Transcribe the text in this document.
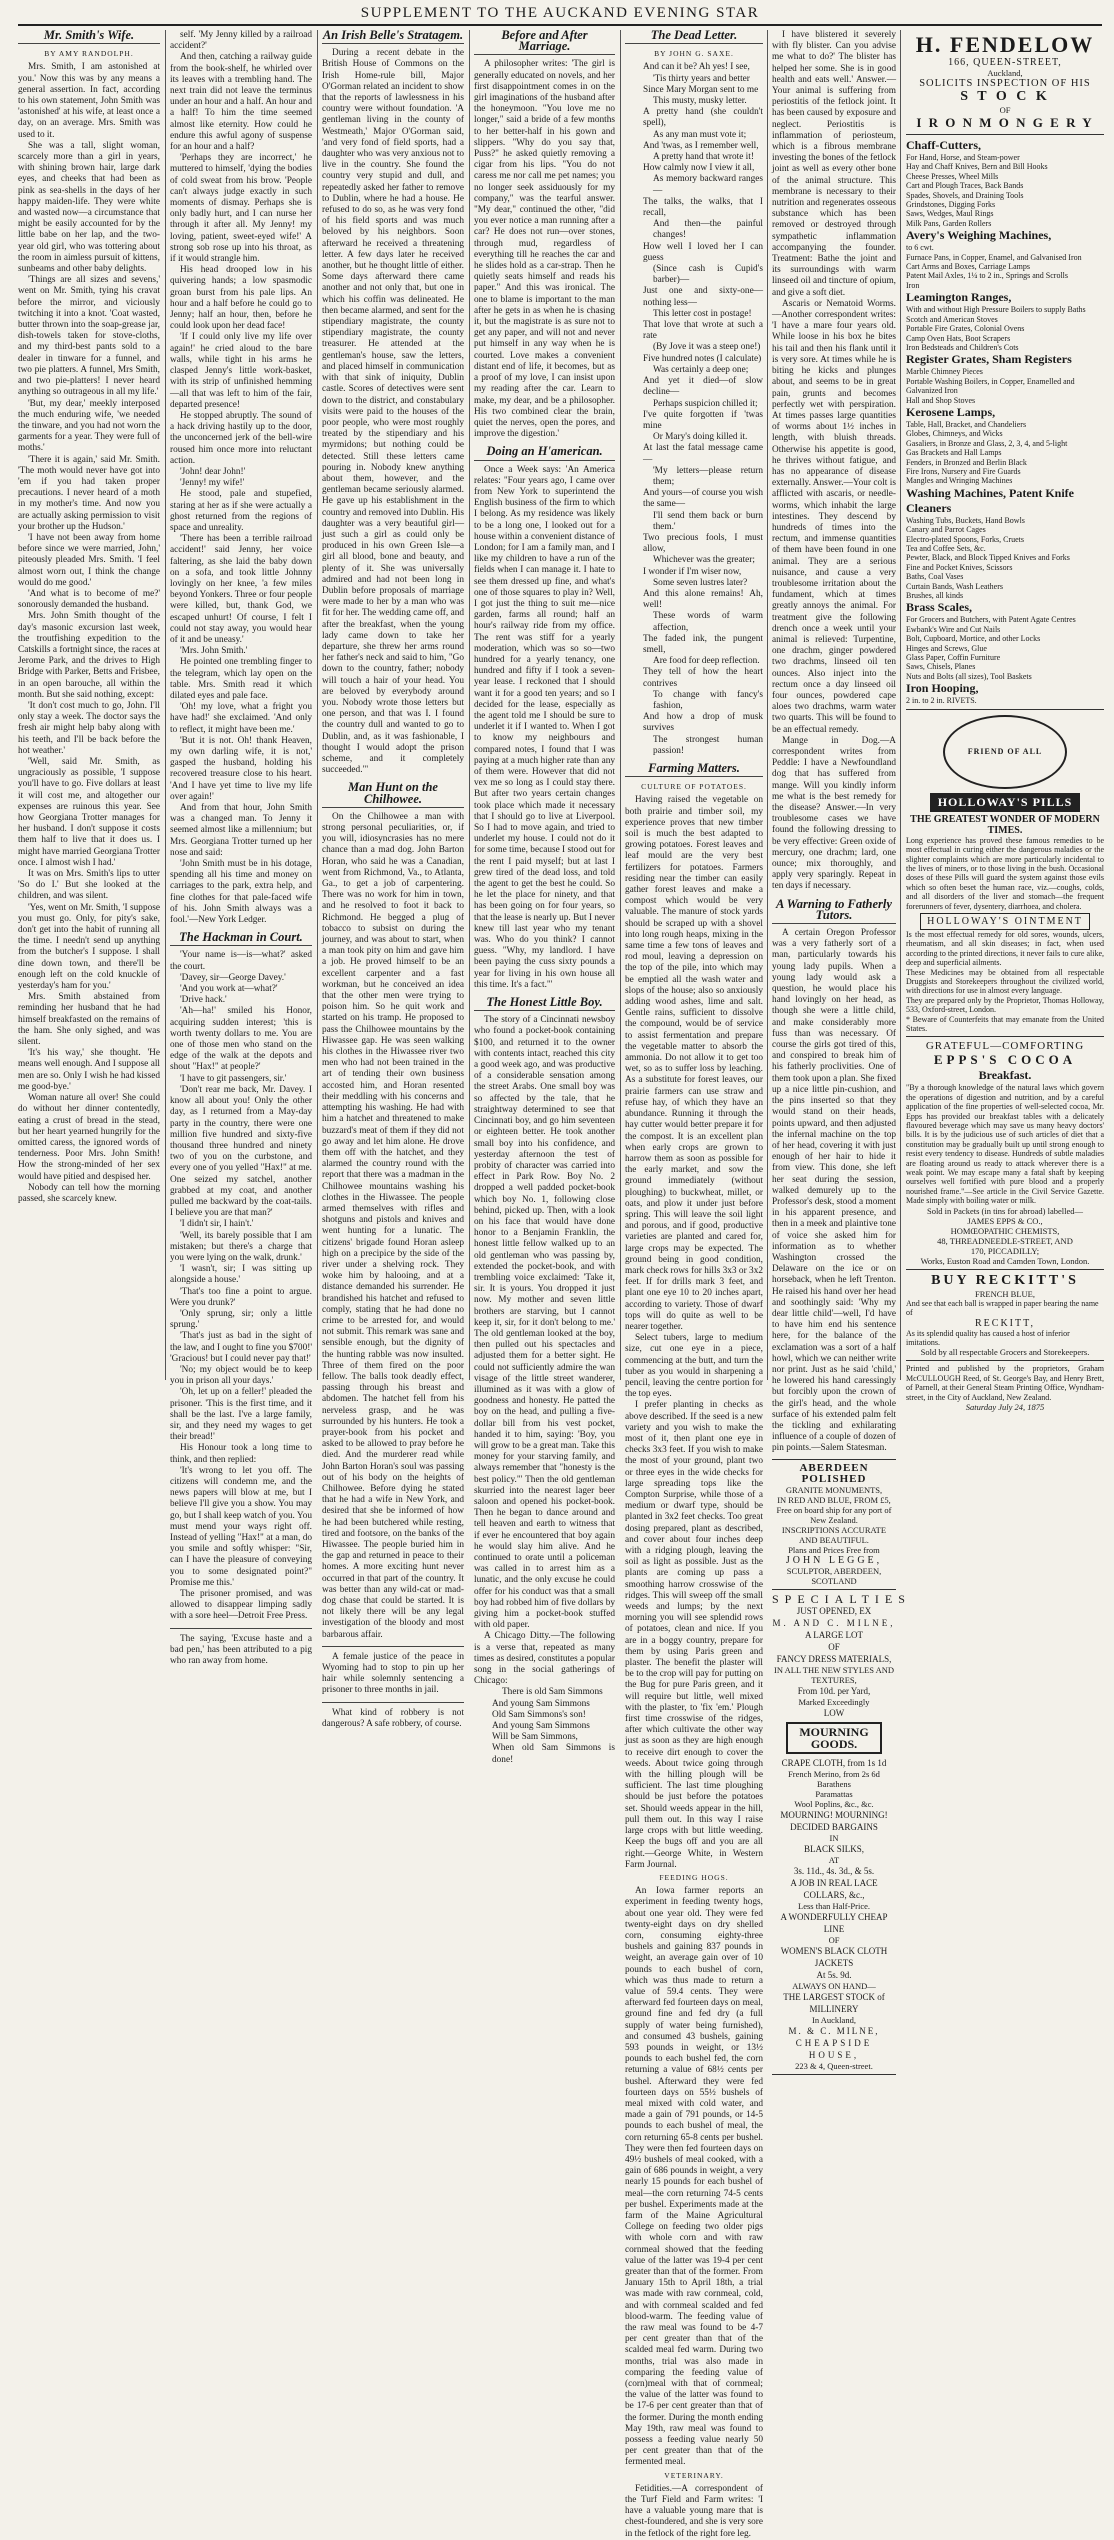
SUPPLEMENT TO THE AUCKAND EVENING STAR
Mr. Smith's Wife.
BY AMY RANDOLPH.

Mrs. Smith, I am astonished at you.' Now this was by any means a general assertion. In fact, according to his own statement, John Smith was 'astonished' at his wife, at least once a day, on an average. Mrs. Smith was used to it.

She was a tall, slight woman, scarcely more than a girl in years, with shining brown hair, large dark eyes, and cheeks that had been as pink as sea-shells in the days of her happy maiden-life. They were white and wasted now—a circumstance that might be easily accounted for by the little babe on her lap, and the two-year old girl, who was tottering about the room in aimless pursuit of kittens, sunbeams and other baby delights.

'Things are all sizes and sevens,' went on Mr. Smith, tying his cravat before the mirror, and viciously twitching it into a knot. 'Coat wasted, butter thrown into the soap-grease jar, dish-towels taken for stove-cloths, and my third-best pants sold to a dealer in tinware for a funnel, and two pie platters. A funnel, Mrs Smith, and two pie-platters! I never heard anything so outrageous in all my life.'

'But, my dear,' meekly interposed the much enduring wife, 'we needed the tinware, and you had not worn the garments for a year. They were full of moths.'

'There it is again,' said Mr. Smith. 'The moth would never have got into 'em if you had taken proper precautions. I never heard of a moth in my mother's time. And now you are actually asking permission to visit your brother up the Hudson.'

'I have not been away from home before since we were married, John,' piteously pleaded Mrs. Smith. 'I feel almost worn out, I think the change would do me good.'

'And what is to become of me?' sonorously demanded the husband.

Mrs. John Smith thought of the day's masonic excursion last week, the troutfishing expedition to the Catskills a fortnight since, the races at Jerome Park, and the drives to High Bridge with Parker, Betts and Frisbee, in an open barouche, all within the month. But she said nothing, except:

'It don't cost much to go, John. I'll only stay a week. The doctor says the fresh air might help baby along with his teeth, and I'll be back before the hot weather.'

'Well, said Mr. Smith, as ungraciously as possible, 'I suppose you'll have to go. Five dollars at least it will cost me, and altogether our expenses are ruinous this year. See how Georgiana Trotter manages for her husband. I don't suppose it costs them half to live that it does us. I might have married Georgiana Trotter once. I almost wish I had.'

It was on Mrs. Smith's lips to utter 'So do I.' But she looked at the children, and was silent.

'Yes, went on Mr. Smith, 'I suppose you must go. Only, for pity's sake, don't get into the habit of running all the time. I needn't send up anything from the butcher's I suppose. I shall dine down town, and there'll be enough left on the cold knuckle of yesterday's ham for you.'

Mrs. Smith abstained from reminding her husband that he had himself breakfasted on the remains of the ham. She only sighed, and was silent.

'It's his way,' she thought. 'He means well enough. And I suppose all men are so. Only I wish he had kissed me good-bye.'

Woman nature all over! She could do without her dinner contentedly, eating a crust of bread in the stead, but her heart yearned hungrily for the omitted caress, the ignored words of tenderness. Poor Mrs. John Smith! How the strong-minded of her sex would have pitied and despised her.

Nobody can tell how the morning passed, she scarcely knew.

self. 'My Jenny killed by a railroad accident?'

And then, catching a railway guide from the book-shelf, he whirled over its leaves with a trembling hand. The next train did not leave the terminus under an hour and a half. An hour and a half! To him the time seemed almost like eternity. How could he endure this awful agony of suspense for an hour and a half?

'Perhaps they are incorrect,' he muttered to himself, 'dying the bodies of cold sweat from his brow. 'People can't always judge exactly in such moments of dismay. Perhaps she is only badly hurt, and I can nurse her through it after all. My Jenny! my loving, patient, sweet-eyed wife!' A strong sob rose up into his throat, as if it would strangle him.

His head drooped low in his quivering hands; a low spasmodic groan burst from his pale lips. An hour and a half before he could go to Jenny; half an hour, then, before he could look upon her dead face!

'If I could only live my life over again!' he cried aloud to the bare walls, while tight in his arms he clasped Jenny's little work-basket, with its strip of unfinished hemming—all that was left to him of the fair, departed presence!

He stopped abruptly. The sound of a hack driving hastily up to the door, the unconcerned jerk of the bell-wire roused him once more into reluctant action.

'John! dear John!'

'Jenny! my wife!'

He stood, pale and stupefied, staring at her as if she were actually a ghost returned from the regions of space and unreality.

'There has been a terrible railroad accident!' said Jenny, her voice faltering, as she laid the baby down on a sofa, and took little Johnny lovingly on her knee, 'a few miles beyond Yonkers. Three or four people were killed, but, thank God, we escaped unhurt! Of course, I felt I could not stay away, you would hear of it and be uneasy.'

'Mrs. John Smith.'

He pointed one trembling finger to the telegram, which lay open on the table. Mrs. Smith read it which dilated eyes and pale face.

'Oh! my love, what a fright you have had!' she exclaimed. 'And only to reflect, it might have been me.'

'But it is not. Oh! thank Heaven, my own darling wife, it is not,' gasped the husband, holding his recovered treasure close to his heart. 'And I have yet time to live my life over again!'

And from that hour, John Smith was a changed man. To Jenny it seemed almost like a millennium; but Mrs. Georgiana Trotter turned up her nose and said:

'John Smith must be in his dotage, spending all his time and money on carriages to the park, extra help, and fine clothes for that pale-faced wife of his. John Smith always was a fool.'—New York Ledger.

The Hackman in Court.

'Your name is—is—what?' asked the court.

'Davey, sir—George Davey.'

'And you work at—what?'

'Drive hack.'

'Ah—ha!' smiled his Honor, acquiring sudden interest; 'this is worth twenty dollars to me. You are one of those men who stand on the edge of the walk at the depots and shout "Hax!" at people?'

'I have to git passengers, sir.'

'Don't rear me back, Mr. Davey. I know all about you! Only the other day, as I returned from a May-day party in the country, there were one million five hundred and sixty-five thousand three hundred and ninety two of you on the curbstone, and every one of you yelled "Hax!" at me. One seized my satchel, another grabbed at my coat, and another pulled me backward by the coat-tails. I believe you are that man?'

'I didn't sir, I hain't.'

'Well, its barely possible that I am mistaken; but there's a charge that you were lying on the walk, drunk.'

'I wasn't, sir; I was sitting up alongside a house.'

'That's too fine a point to argue. Were you drunk?'

'Only sprung, sir; only a little sprung.'

'That's just as bad in the sight of the law, and I ought to fine you $700!' 'Gracious! but I could never pay that!'

'No; my object would be to keep you in prison all your days.'

'Oh, let up on a feller!' pleaded the prisoner. 'This is the first time, and it shall be the last. I've a large family, sir, and they need my wages to get their bread!'

His Honour took a long time to think, and then replied:

'It's wrong to let you off. The citizens will condemn me, and the news papers will blow at me, but I believe I'll give you a show. You may go, but I shall keep watch of you. You must mend your ways right off. Instead of yelling "Hax!" at a man, do you smile and softly whisper: "Sir, can I have the pleasure of conveying you to some designated point?" Promise me this.'

The prisoner promised, and was allowed to disappear limping sadly with a sore heel—Detroit Free Press.

The saying, 'Excuse haste and a bad pen,' has been attributed to a pig who ran away from home.

An Irish Belle's Stratagem.

During a recent debate in the British House of Commons on the Irish Home-rule bill, Major O'Gorman related an incident to show that the reports of lawlessness in his country were without foundation. 'A gentleman living in the county of Westmeath,' Major O'Gorman said, 'and very fond of field sports, had a daughter who was very anxious not to live in the country. She found the country very stupid and dull, and repeatedly asked her father to remove to Dublin, where he had a house. He refused to do so, as he was very fond of his field sports and was much beloved by his neighbors. Soon afterward he received a threatening letter. A few days later he received another, but he thought little of either. Some days afterward there came another and not only that, but one in which his coffin was delineated. He then became alarmed, and sent for the stipendiary magistrate, the county stipendiary magistrate, the county treasurer. He attended at the gentleman's house, saw the letters, and placed himself in communication with that sink of iniquity, Dublin castle. Scores of detectives were sent down to the district, and constabulary visits were paid to the houses of the poor people, who were most roughly treated by the stipendiary and his myrmidons; but nothing could be detected. Still these letters came pouring in. Nobody knew anything about them, however, and the gentleman became seriously alarmed. He gave up his establishment in the country and removed into Dublin. His daughter was a very beautiful girl—just such a girl as could only be produced in his own Green Isle—a girl all blood, bone and beauty, and plenty of it. She was universally admired and had not been long in Dublin before proposals of marriage were made to her by a man who was fit for her. The wedding came off, and after the breakfast, when the young lady came down to take her departure, she threw her arms round her father's neck and said to him, "Go down to the country, father; nobody will touch a hair of your head. You are beloved by everybody around you. Nobody wrote those letters but one person, and that was I. I found the country dull and wanted to go to Dublin, and, as it was fashionable, I thought I would adopt the prison scheme, and it completely succeeded."'

Man Hunt on the Chilhowee.

On the Chilhowee a man with strong personal peculiarities, or, if you will, idiosyncrasies has no mere chance than a mad dog. John Barton Horan, who said he was a Canadian, went from Richmond, Va., to Atlanta, Ga., to get a job of carpentering. There was no work for him in town, and he resolved to foot it back to Richmond. He begged a plug of tobacco to subsist on during the journey, and was about to start, when a man took pity on him and gave him a job. He proved himself to be an excellent carpenter and a fast workman, but he conceived an idea that the other men were trying to poison him. So he quit work and started on his tramp. He proposed to pass the Chilhowee mountains by the Hiwassee gap. He was seen walking his clothes in the Hiwassee river two men who had not been trained in the art of tending their own business accosted him, and Horan resented their meddling with his concerns and attempting his washing. He had with him a hatchet and threatened to make buzzard's meat of them if they did not go away and let him alone. He drove them off with the hatchet, and they alarmed the country round with the report that there was a madman in the Chilhowee mountains washing his clothes in the Hiwassee. The people armed themselves with rifles and shotguns and pistols and knives and went hunting for a lunatic. The citizens' brigade found Horan asleep high on a precipice by the side of the river under a shelving rock. They woke him by halooing, and at a distance demanded his surrender. He brandished his hatchet and refused to comply, stating that he had done no crime to be arrested for, and would not submit. This remark was sane and sensible enough, but the dignity of the hunting rabble was now insulted. Three of them fired on the poor fellow. The balls took deadly effect, passing through his breast and abdomen. The hatchet fell from his nerveless grasp, and he was surrounded by his hunters. He took a prayer-book from his pocket and asked to be allowed to pray before he died. And the murderer read while John Barton Horan's soul was passing out of his body on the heights of Chilhowee. Before dying he stated that he had a wife in New York, and desired that she be informed of how he had been butchered while resting, tired and footsore, on the banks of the Hiwassee. The people buried him in the gap and returned in peace to their homes. A more exciting hunt never occurred in that part of the country. It was better than any wild-cat or mad-dog chase that could be started. It is not likely there will be any legal investigation of the bloody and most barbarous affair.

A female justice of the peace in Wyoming had to stop to pin up her hair while solemnly sentencing a prisoner to three months in jail.

What kind of robbery is not dangerous? A safe robbery, of course.

Before and After Marriage.

A philosopher writes: 'The girl is generally educated on novels, and her first disappointment comes in on the girl imaginations of the husband after the honeymoon. "You love me no longer," said a bride of a few months to her better-half in his gown and slippers. "Why do you say that, Puss?" he asked quietly removing a cigar from his lips. "You do not caress me nor call me pet names; you no longer seek assiduously for my company," was the tearful answer. "My dear," continued the other, "did you ever notice a man running after a car? He does not run—over stones, through mud, regardless of everything till he reaches the car and he slides hold as a car-strap. Then he quietly seats himself and reads his paper." And this was ironical. The one to blame is important to the man after he gets in as when he is chasing it, but the magistrate is as sure not to get any paper, and will not and never put himself in any way when he is courted. Love makes a convenient distant end of life, it becomes, but as a proof of my love, I can insist upon my reading after the car. Learn to make, my dear, and be a philosopher. His two combined clear the brain, quiet the nerves, open the pores, and improve the digestion.'

Doing an H'american.

Once a Week says: 'An America relates: "Four years ago, I came over from New York to superintend the English business of the firm to which I belong. As my residence was likely to be a long one, I looked out for a house within a convenient distance of London; for I am a family man, and I like my children to have a run of the fields when I can manage it. I hate to see them dressed up fine, and what's one of those squares to play in? Well, I got just the thing to suit me—nice garden, farms all round; half an hour's railway ride from my office. The rent was stiff for a yearly moderation, which was so so—two hundred for a yearly tenancy, one hundred and fifty if I took a seven-year lease. I reckoned that I should want it for a good ten years; and so I decided for the lease, especially as the agent told me I should be sure to underlet it if I wanted to. When I got to know my neighbours and compared notes, I found that I was paying at a much higher rate than any of them were. However that did not vex me so long as I could stay there. But after two years certain changes took place which made it necessary that I should go to live at Liverpool. So I had to move again, and tried to underlet my house. I could not do it for some time, because I stood out for the rent I paid myself; but at last I grew tired of the dead loss, and told the agent to get the best he could. So he let the place for ninety, and that has been going on for four years, so that the lease is nearly up. But I never knew till last year who my tenant was. Who do you think? I cannot guess. "Why, my landlord. I have been paying the cuss sixty pounds a year for living in his own house all this time. It's a fact."'

The Honest Little Boy.

The story of a Cincinnati newsboy who found a pocket-book containing $100, and returned it to the owner with contents intact, reached this city a good week ago, and was productive of a considerable sensation among the street Arabs. One small boy was so affected by the tale, that he straightway determined to see that Cincinnati boy, and go him seventeen or eighteen better. He took another small boy into his confidence, and yesterday afternoon the test of probity of character was carried into effect in Park Row. Boy No. 2 dropped a well padded pocket-book which boy No. 1, following close behind, picked up. Then, with a look on his face that would have done honor to a Benjamin Franklin, the honest little fellow walked up to an old gentleman who was passing by, extended the pocket-book, and with trembling voice exclaimed: 'Take it, sir. It is yours. You dropped it just now. My mother and seven little brothers are starving, but I cannot keep it, sir, for it don't belong to me.' The old gentleman looked at the boy, then pulled out his spectacles and adjusted them for a better sight. He could not sufficiently admire the wan visage of the little street wanderer, illumined as it was with a glow of goodness and honesty. He patted the boy on the head, and pulling a five-dollar bill from his vest pocket, handed it to him, saying: 'Boy, you will grow to be a great man. Take this money for your starving family, and always remember that "honesty is the best policy."' Then the old gentleman skurried into the nearest lager beer saloon and opened his pocket-book. Then he began to dance around and tell heaven and earth to witness that if ever he encountered that boy again he would slay him alive. And he continued to orate until a policeman was called in to arrest him as a lunatic, and the only excuse he could offer for his conduct was that a small boy had robbed him of five dollars by giving him a pocket-book stuffed with old paper.

A Chicago Ditty.—The following is a verse that, repeated as many times as desired, constitutes a popular song in the social gatherings of Chicago:

There is old Sam Simmons

And young Sam Simmons

Old Sam Simmons's son!

And young Sam Simmons

Will be Sam Simmons,

When old Sam Simmons is done!

The Dead Letter.
BY JOHN G. SAXE.

And can it be? Ah yes! I see,

'Tis thirty years and better

Since Mary Morgan sent to me

This musty, musky letter.

A pretty hand (she couldn't spell),

As any man must vote it;

And 'twas, as I remember well,

A pretty hand that wrote it!

How calmly now I view it all,

As memory backward ranges—

The talks, the walks, that I recall,

And then—the painful changes!

How well I loved her I can guess

(Since cash is Cupid's barber)—

Just one and sixty-one—nothing less—

This letter cost in postage!

That love that wrote at such a rate

(By Jove it was a steep one!)

Five hundred notes (I calculate)

Was certainly a deep one;

And yet it died—of slow decline—

Perhaps suspicion chilled it;

I've quite forgotten if 'twas mine

Or Mary's doing killed it.

At last the fatal message came—

'My letters—please return them;

And yours—of course you wish the same—

I'll send them back or burn them.'

Two precious fools, I must allow,

Whichever was the greater;

I wonder if I'm wiser now,

Some seven lustres later?

And this alone remains! Ah, well!

These words of warm affection,

The faded ink, the pungent smell,

Are food for deep reflection.

They tell of how the heart contrives

To change with fancy's fashion,

And how a drop of musk survives

The strongest human passion!

Farming Matters.
CULTURE OF POTATOES.

Having raised the vegetable on both prairie and timber soil, my experience proves that new timber soil is much the best adapted to growing potatoes. Forest leaves and leaf mould are the very best fertilizers for potatoes. Farmers residing near the timber can easily gather forest leaves and make a compost which would be very valuable. The manure of stock yards should be scraped up with a shovel into long rough heaps, mixing in the same time a few tons of leaves and rod moul, leaving a depression on the top of the pile, into which may be emptied all the wash water and slops of the house; also so anxiously adding wood ashes, lime and salt. Gentle rains, sufficient to dissolve the compound, would be of service to assist fermentation and prepare the vegetable matter to absorb the ammonia. Do not allow it to get too wet, so as to suffer loss by leaching. As a substitute for forest leaves, our prairie farmers can use straw and refuse hay, of which they have an abundance. Running it through the hay cutter would better prepare it for the compost. It is an excellent plan when early crops are grown to harrow them as soon as possible for the early market, and sow the ground immediately (without ploughing) to buckwheat, millet, or oats, and plow it under just before spring. This will leave the soil light and porous, and if good, productive varieties are planted and cared for, large crops may be expected. The ground being in good condition, mark check rows for hills 3x3 or 3x2 feet. If for drills mark 3 feet, and plant one eye 10 to 20 inches apart, according to variety. Those of dwarf tops will do quite as well to be nearer together.

Select tubers, large to medium size, cut one eye in a piece, commencing at the butt, and turn the tuber as you would in sharpening a pencil, leaving the centre portion for the top eyes.

I prefer planting in checks as above described. If the seed is a new variety and you wish to make the most of it, then plant one eye in checks 3x3 feet. If you wish to make the most of your ground, plant two or three eyes in the wide checks for large spreading tops like the Compton Surprise, while those of a medium or dwarf type, should be planted in 3x2 feet checks. Too great dosing prepared, plant as described, and cover about four inches deep with a ridging plough, leaving the soil as light as possible. Just as the plants are coming up pass a smoothing harrow crosswise of the ridges. This will sweep off the small weeds and lumps; by the next morning you will see splendid rows of potatoes, clean and nice. If you are in a boggy country, prepare for them by using Paris green and plaster. The benefit the plaster will be to the crop will pay for putting on the Bug for pure Paris green, and it will require but little, well mixed with the plaster, to 'fix 'em.' Plough first time crosswise of the ridges, after which cultivate the other way just as soon as they are high enough to receive dirt enough to cover the weeds. About twice going through with the hilling plough will be sufficient. The last time ploughing should be just before the potatoes set. Should weeds appear in the hill, pull them out. In this way I raise large crops with but little weeding. Keep the bugs off and you are all right.—George White, in Western Farm Journal.

FEEDING HOGS.

An Iowa farmer reports an experiment in feeding twenty hogs, about one year old. They were fed twenty-eight days on dry shelled corn, consuming eighty-three bushels and gaining 837 pounds in weight, an average gain over of 10 pounds to each bushel of corn, which was thus made to return a value of 59.4 cents. They were afterward fed fourteen days on meal, ground fine and fed dry (a full supply of water being furnished), and consumed 43 bushels, gaining 593 pounds in weight, or 13½ pounds to each bushel fed, the corn returning a value of 68½ cents per bushel. Afterward they were fed fourteen days on 55½ bushels of meal mixed with cold water, and made a gain of 791 pounds, or 14-5 pounds to each bushel of meal, the corn returning 65-8 cents per bushel. They were then fed fourteen days on 49½ bushels of meal cooked, with a gain of 686 pounds in weight, a very nearly 15 pounds for each bushel of meal—the corn returning 74-5 cents per bushel. Experiments made at the farm of the Maine Agricultural College on feeding two older pigs with whole corn and with raw cornmeal showed that the feeding value of the latter was 19-4 per cent greater than that of the former. From January 15th to April 18th, a trial was made with raw cornmeal, cold, and with cornmeal scalded and fed blood-warm. The feeding value of the raw meal was found to be 4-7 per cent greater than that of the scalded meal fed warm. During two months, trial was also made in comparing the feeding value of (corn)meal with that of cornmeal; the value of the latter was found to be 17-6 per cent greater than that of the former. During the month ending May 19th, raw meal was found to possess a feeding value nearly 50 per cent greater than that of the fermented meal.

VETERINARY.

Fetidities.—A correspondent of the Turf Field and Farm writes: 'I have a valuable young mare that is chest-foundered, and she is very sore in the fetlock of the right fore leg.

I have blistered it severely with fly blister. Can you advise me what to do?' The blister has helped her some. She is in good health and eats well.' Answer.—Your animal is suffering from periostitis of the fetlock joint. It has been caused by exposure and neglect. Periostitis is inflammation of periosteum, which is a fibrous membrane investing the bones of the fetlock joint as well as every other bone of the animal structure. This membrane is necessary to their nutrition and regenerates osseous substance which has been removed or destroyed through sympathetic inflammation accompanying the founder. Treatment: Bathe the joint and its surroundings with warm linseed oil and tincture of opium, and give a soft diet.

Ascaris or Nematoid Worms.—Another correspondent writes: 'I have a mare four years old. While loose in his box he bites his tail and then his flank until it is very sore. At times while he is biting he kicks and plunges about, and seems to be in great pain, grunts and becomes perfectly wet with perspiration. At times passes large quantities of worms about 1½ inches in length, with bluish threads. Otherwise his appetite is good, he thrives without fatigue, and has no appearance of disease externally. Answer.—Your colt is afflicted with ascaris, or needle-worms, which inhabit the large intestines. They descend by hundreds of times into the rectum, and immense quantities of them have been found in one animal. They are a serious nuisance, and cause a very troublesome irritation about the fundament, which at times greatly annoys the animal. For treatment give the following drench once a week until your animal is relieved: Turpentine, one drachm, ginger powdered two drachms, linseed oil ten ounces. Also inject into the rectum once a day linseed oil four ounces, powdered cape aloes two drachms, warm water two quarts. This will be found to be an effectual remedy.

Mange in Dog.—A correspondent writes from Peddle: I have a Newfoundland dog that has suffered from mange. Will you kindly inform me what is the best remedy for the disease? Answer.—In very troublesome cases we have found the following dressing to be very effective: Green oxide of mercury, one drachm; lard, one ounce; mix thoroughly, and apply very sparingly. Repeat in ten days if necessary.

A Warning to Fatherly Tutors.

A certain Oregon Professor was a very fatherly sort of a man, particularly towards his young lady pupils. When a young lady would ask a question, he would place his hand lovingly on her head, as though she were a little child, and make considerably more fuss than was necessary. Of course the girls got tired of this, and conspired to break him of his fatherly proclivities. One of them took upon a plan. She fixed up a nice little pin-cushion, and the pins inserted so that they would stand on their heads, points upward, and then adjusted the infernal machine on the top of her head, covering it with just enough of her hair to hide it from view. This done, she left her seat during the session, walked demurely up to the Professor's desk, stood a moment in his apparent presence, and then in a meek and plaintive tone of voice she asked him for information as to whether Washington crossed the Delaware on the ice or on horseback, when he left Trenton. He raised his hand over her head and soothingly said: 'Why my dear little child'—well, I'd have to have him end his sentence here, for the balance of the exclamation was a sort of a half howl, which we can neither write nor print. Just as he said 'child,' he lowered his hand caressingly but forcibly upon the crown of the girl's head, and the whole surface of his extended palm felt the tickling and exhilarating influence of a couple of dozen of pin points.—Salem Statesman.

ABERDEEN POLISHED
GRANITE MONUMENTS,
IN RED AND BLUE, FROM £5,
Free on board ship for any port of New Zealand.
INSCRIPTIONS ACCURATE AND BEAUTIFUL.
Plans and Prices Free from
JOHN LEGGE,
SCULPTOR, ABERDEEN, SCOTLAND
SPECIALTIES
JUST OPENED, EX
M. AND C. MILNE,
A LARGE LOT
OF
FANCY DRESS MATERIALS,
IN ALL THE NEW STYLES AND TEXTURES,
From 10d. per Yard,
Marked Exceedingly
LOW
MOURNING GOODS.
CRAPE CLOTH, from 1s 1d
French Merino, from 2s 6d
Barathens
Paramattas
Wool Poplins, &c., &c.
MOURNING! MOURNING!
DECIDED BARGAINS
IN
BLACK SILKS,
AT
3s. 11d., 4s. 3d., & 5s.
A JOB IN REAL LACE COLLARS, &c.,
Less than Half-Price.
A WONDERFULLY CHEAP LINE
OF
WOMEN'S BLACK CLOTH JACKETS
At 5s. 9d.
ALWAYS ON HAND—
THE LARGEST STOCK of MILLINERY
In Auckland,
M. & C. MILNE,
CHEAPSIDE HOUSE,
223 & 4, Queen-street.
H. FENDELOW
166, QUEEN-STREET,
Auckland,
SOLICITS INSPECTION OF HIS
S T O C K
OF
I R O N M O N G E R Y
Chaff-Cutters,
For Hand, Horse, and Steam-power
Hay and Chaff Knives, Bern and Bill Hooks
Cheese Presses, Wheel Mills
Cart and Plough Traces, Back Bands
Spades, Shovels, and Draining Tools
Grindstones, Digging Forks
Saws, Wedges, Maul Rings
Milk Pans, Garden Rollers
Avery's Weighing Machines,
to 6 cwt.
Furnace Pans, in Copper, Enamel, and Galvanised Iron
Cart Arms and Boxes, Carriage Lamps
Patent Mail Axles, 1¼ to 2 in., Springs and Scrolls
Iron
Leamington Ranges,
With and without High Pressure Boilers to supply Baths
Scotch and American Stoves
Portable Fire Grates, Colonial Ovens
Camp Oven Hats, Boot Scrapers
Iron Bedsteads and Children's Cots
Register Grates, Sham Registers
Marble Chimney Pieces
Portable Washing Boilers, in Copper, Enamelled and Galvanized Iron
Hall and Shop Stoves
Kerosene Lamps,
Table, Hall, Bracket, and Chandeliers
Globes, Chimneys, and Wicks
Gasaliers, in Bronze and Glass, 2, 3, 4, and 5-light
Gas Brackets and Hall Lamps
Fenders, in Bronzed and Berlin Black
Fire Irons, Nursery and Fire Guards
Mangles and Wringing Machines
Washing Machines, Patent Knife Cleaners
Washing Tubs, Buckets, Hand Bowls
Canary and Parrot Cages
Electro-plated Spoons, Forks, Cruets
Tea and Coffee Sets, &c.
Pewter, Black, and Block Tipped Knives and Forks
Fine and Pocket Knives, Scissors
Baths, Coal Vases
Curtain Bands, Wash Leathers
Brushes, all kinds
Brass Scales,
For Grocers and Butchers, with Patent Agate Centres
Ewbank's Wire and Cut Nails
Bolt, Cupboard, Mortice, and other Locks
Hinges and Screws, Glue
Glass Paper, Coffin Furniture
Saws, Chisels, Planes
Nuts and Bolts (all sizes), Tool Baskets
Iron Hooping,
2 in. to 2 in. RIVETS.
FRIEND OF ALL
HOLLOWAY'S PILLS
THE GREATEST WONDER OF MODERN TIMES.
Long experience has proved these famous remedies to be most effectual in curing either the dangerous maladies or the slighter complaints which are more particularly incidental to the lives of miners, or to those living in the bush. Occasional doses of these Pills will guard the system against those evils which so often beset the human race, viz.—coughs, colds, and all disorders of the liver and stomach—the frequent forerunners of fever, dysentery, diarrhoea, and cholera.
HOLLOWAY'S OINTMENT
Is the most effectual remedy for old sores, wounds, ulcers, rheumatism, and all skin diseases; in fact, when used according to the printed directions, it never fails to cure alike, deep and superficial ailments.
These Medicines may be obtained from all respectable Druggists and Storekeepers throughout the civilized world, with directions for use in almost every language.
They are prepared only by the Proprietor, Thomas Holloway, 533, Oxford-street, London.
* Beware of Counterfeits that may emanate from the United States.
GRATEFUL—COMFORTING
EPPS'S COCOA
Breakfast.
"By a thorough knowledge of the natural laws which govern the operations of digestion and nutrition, and by a careful application of the fine properties of well-selected cocoa, Mr. Epps has provided our breakfast tables with a delicately flavoured beverage which may save us many heavy doctors' bills. It is by the judicious use of such articles of diet that a constitution may be gradually built up until strong enough to resist every tendency to disease. Hundreds of subtle maladies are floating around us ready to attack wherever there is a weak point. We may escape many a fatal shaft by keeping ourselves well fortified with pure blood and a properly nourished frame."—See article in the Civil Service Gazette. Made simply with boiling water or milk.
Sold in Packets (in tins for abroad) labelled—
JAMES EPPS & CO.,
HOMŒOPATHIC CHEMISTS,
48, THREADNEEDLE-STREET, AND
170, PICCADILLY;
Works, Euston Road and Camden Town, London.
BUY RECKITT'S
FRENCH BLUE,
And see that each ball is wrapped in paper bearing the name of
RECKITT,
As its splendid quality has caused a host of inferior imitations.
Sold by all respectable Grocers and Storekeepers.
Printed and published by the proprietors, Graham McCULLOUGH Reed, of St. George's Bay, and Henry Brett, of Parnell, at their General Steam Printing Office, Wyndham-street, in the City of Auckland, New Zealand.
Saturday July 24, 1875
